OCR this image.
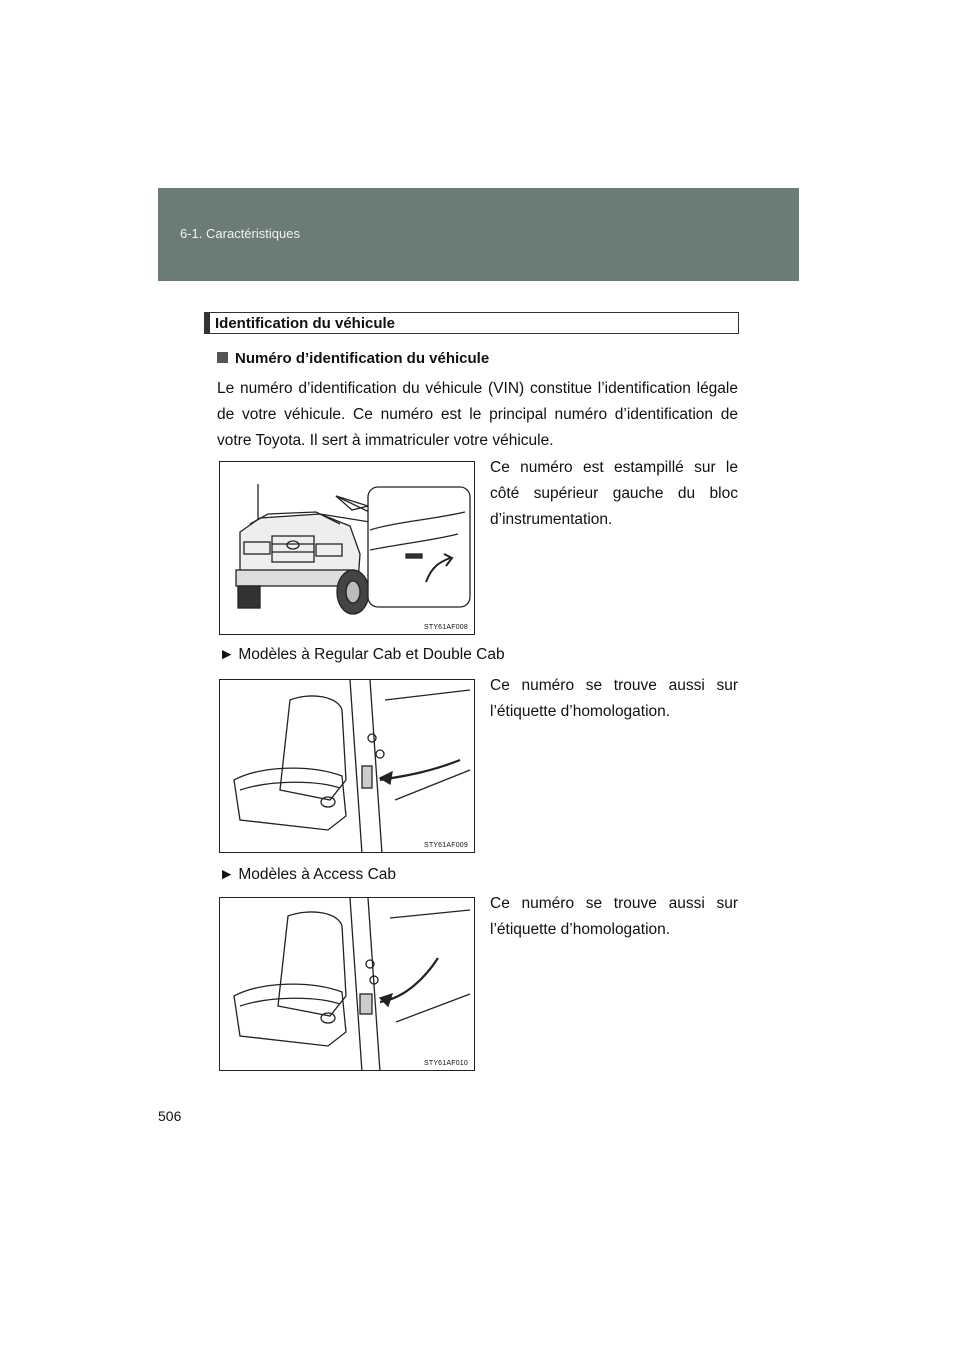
6-1. Caractéristiques
Identification du véhicule
Numéro d’identification du véhicule
Le numéro d’identification du véhicule (VIN) constitue l’identification légale de votre véhicule. Ce numéro est le principal numéro d’identification de votre Toyota. Il sert à immatriculer votre véhicule.
STY61AF008
Ce numéro est estampillé sur le côté supérieur gauche du bloc d’instrumentation.
► Modèles à Regular Cab et Double Cab
STY61AF009
Ce numéro se trouve aussi sur l’étiquette d’homologation.
► Modèles à Access Cab
STY61AF010
Ce numéro se trouve aussi sur l’étiquette d’homologation.
506
